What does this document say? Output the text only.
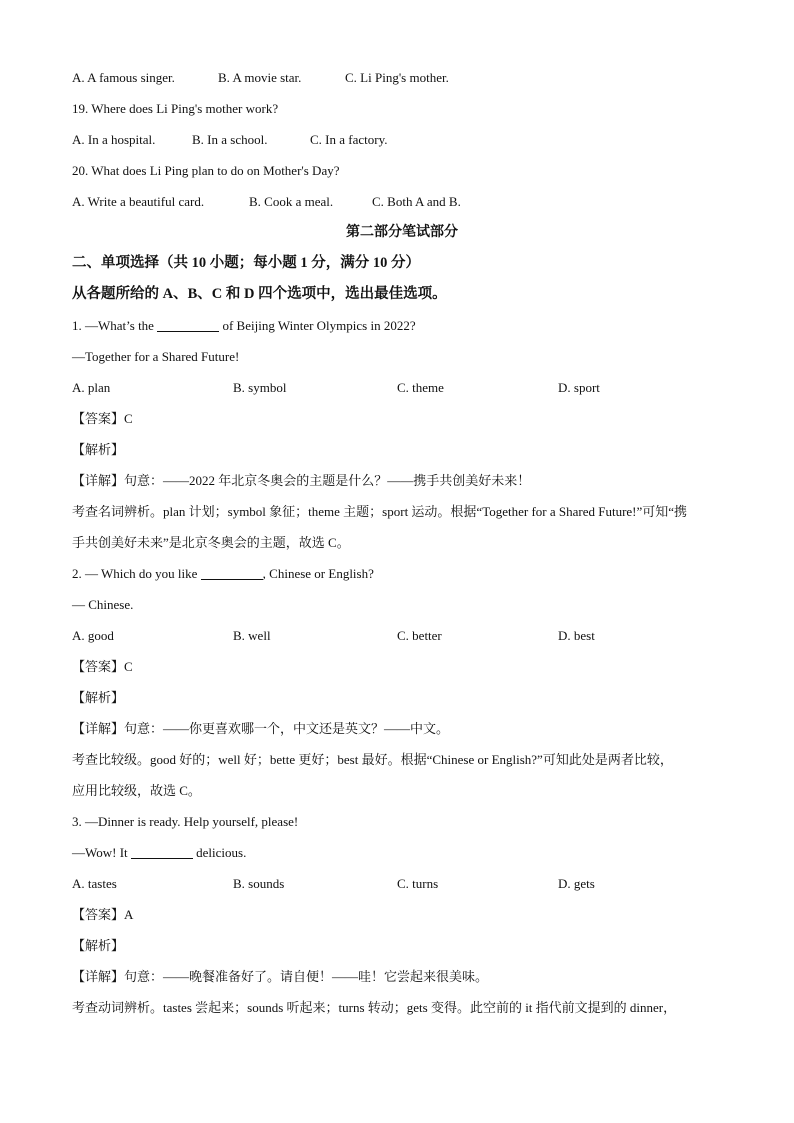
A. A famous singer.	B. A movie star.	C. Li Ping's mother.
19. Where does Li Ping's mother work?
A. In a hospital.	B. In a school.	C. In a factory.
20. What does Li Ping plan to do on Mother's Day?
A. Write a beautiful card.	B. Cook a meal.	C. Both A and B.
第二部分笔试部分
二、单项选择（共 10 小题；每小题 1 分，满分 10 分）
从各题所给的 A、B、C 和 D 四个选项中，选出最佳选项。
1. —What’s the	of Beijing Winter Olympics in 2022?
—Together for a Shared Future!
A. plan	B. symbol	C. theme	D. sport
【答案】C
【解析】
【详解】句意：——2022 年北京冬奥会的主题是什么？——携手共创美好未来！
考查名词辨析。plan 计划；symbol 象征；theme 主题；sport 运动。根据“Together for a Shared Future!”可知“携
手共创美好未来”是北京冬奥会的主题，故选 C。
2. — Which do you like	, Chinese or English?
— Chinese.
A. good	B. well	C. better	D. best
【答案】C
【解析】
【详解】句意：——你更喜欢哪一个，中文还是英文？——中文。
考查比较级。good 好的；well 好；bette 更好；best 最好。根据“Chinese or English?”可知此处是两者比较，
应用比较级，故选 C。
3. —Dinner is ready. Help yourself, please!
—Wow! It	delicious.
A. tastes	B. sounds	C. turns	D. gets
【答案】A
【解析】
【详解】句意：——晚餐准备好了。请自便！——哇！它尝起来很美味。
考查动词辨析。tastes 尝起来；sounds 听起来；turns 转动；gets 变得。此空前的 it 指代前文提到的 dinner，
